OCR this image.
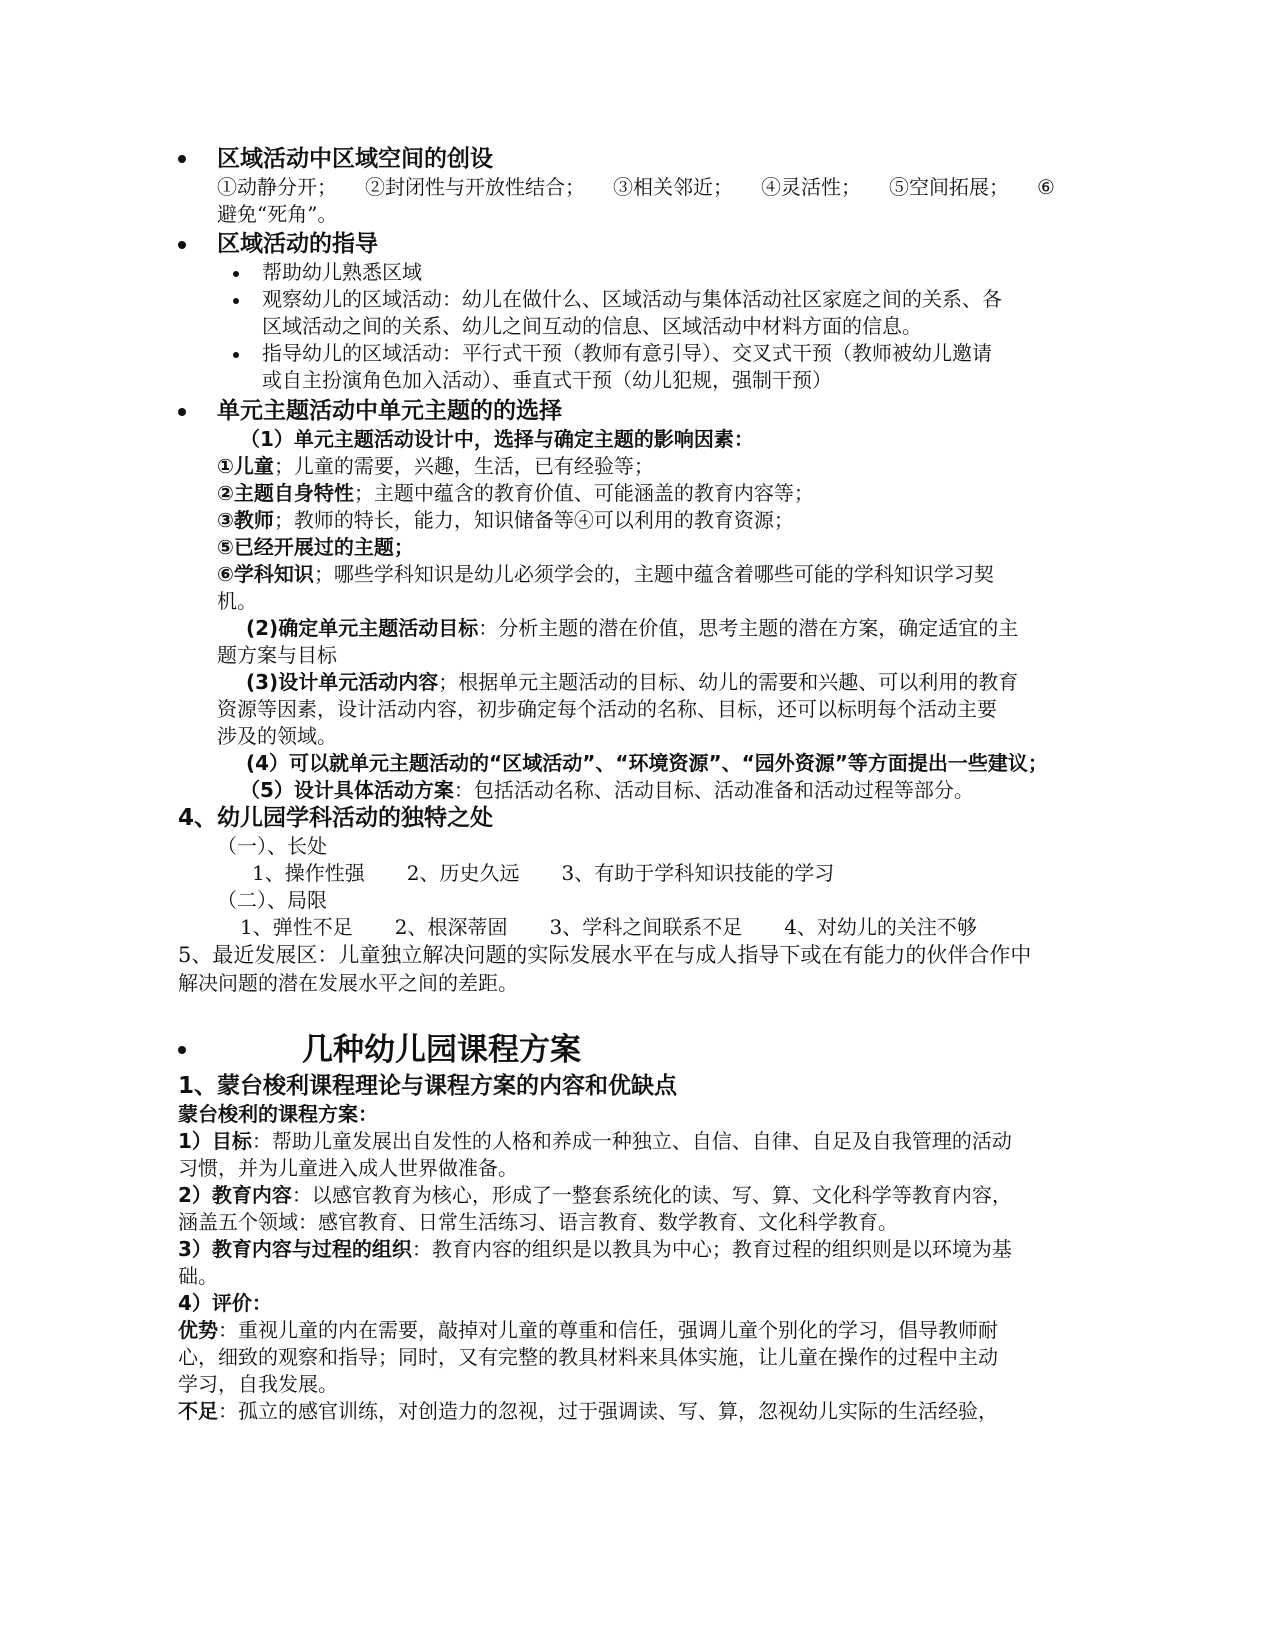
区域活动中区域空间的创设
①动静分开； ②封闭性与开放性结合； ③相关邻近； ④灵活性； ⑤空间拓展； ⑥
避免“死角”。
区域活动的指导
帮助幼儿熟悉区域
观察幼儿的区域活动：幼儿在做什么、区域活动与集体活动社区家庭之间的关系、各
区域活动之间的关系、幼儿之间互动的信息、区域活动中材料方面的信息。
指导幼儿的区域活动：平行式干预（教师有意引导）、交叉式干预（教师被幼儿邀请
或自主扮演角色加入活动）、垂直式干预（幼儿犯规，强制干预）
单元主题活动中单元主题的的选择
（1）单元主题活动设计中，选择与确定主题的影响因素：
①儿童；儿童的需要，兴趣，生活，已有经验等；
②主题自身特性；主题中蕴含的教育价值、可能涵盖的教育内容等；
③教师；教师的特长，能力，知识储备等④可以利用的教育资源；
⑤已经开展过的主题；
⑥学科知识；哪些学科知识是幼儿必须学会的，主题中蕴含着哪些可能的学科知识学习契
机。
(2)确定单元主题活动目标：分析主题的潜在价值，思考主题的潜在方案，确定适宜的主
题方案与目标
(3)设计单元活动内容；根据单元主题活动的目标、幼儿的需要和兴趣、可以利用的教育
资源等因素，设计活动内容，初步确定每个活动的名称、目标，还可以标明每个活动主要
涉及的领域。
(4）可以就单元主题活动的“区域活动”、“环境资源”、“园外资源”等方面提出一些建议；
（5）设计具体活动方案：包括活动名称、活动目标、活动准备和活动过程等部分。
4、幼儿园学科活动的独特之处
（一）、长处
1、操作性强 2、历史久远 3、有助于学科知识技能的学习
（二）、局限
1、弹性不足 2、根深蒂固 3、学科之间联系不足 4、对幼儿的关注不够
5、最近发展区：儿童独立解决问题的实际发展水平在与成人指导下或在有能力的伙伴合作中
解决问题的潜在发展水平之间的差距。
几种幼儿园课程方案
1、蒙台梭利课程理论与课程方案的内容和优缺点
蒙台梭利的课程方案：
1）目标：帮助儿童发展出自发性的人格和养成一种独立、自信、自律、自足及自我管理的活动
习惯，并为儿童进入成人世界做准备。
2）教育内容：以感官教育为核心，形成了一整套系统化的读、写、算、文化科学等教育内容，
涵盖五个领域：感官教育、日常生活练习、语言教育、数学教育、文化科学教育。
3）教育内容与过程的组织：教育内容的组织是以教具为中心；教育过程的组织则是以环境为基
础。
4）评价：
优势：重视儿童的内在需要，敲掉对儿童的尊重和信任，强调儿童个别化的学习，倡导教师耐
心，细致的观察和指导；同时，又有完整的教具材料来具体实施，让儿童在操作的过程中主动
学习，自我发展。
不足：孤立的感官训练，对创造力的忽视，过于强调读、写、算，忽视幼儿实际的生活经验，
